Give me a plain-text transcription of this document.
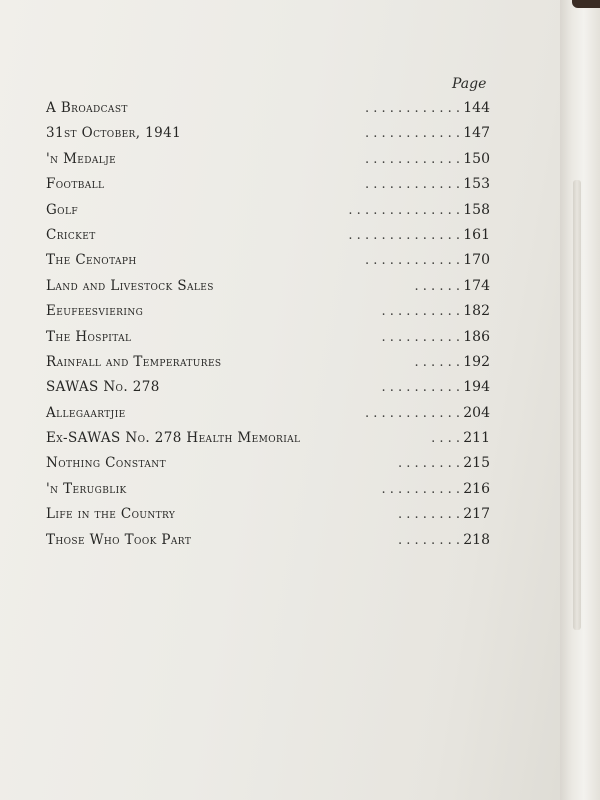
Page
A Broadcast	. . . . . . . . . . . . 144
31st October, 1941	. . . . . . . . . . . . 147
'n Medalje	. . . . . . . . . . . . 150
Football	. . . . . . . . . . . . 153
Golf	. . . . . . . . . . . . . . 158
Cricket	. . . . . . . . . . . . . . 161
The Cenotaph	. . . . . . . . . . . . 170
Land and Livestock Sales	. . . . . . 174
Eeufeesviering	. . . . . . . . . . 182
The Hospital	. . . . . . . . . . 186
Rainfall and Temperatures	. . . . . . 192
SAWAS No. 278	. . . . . . . . . . 194
Allegaartjie	. . . . . . . . . . . . 204
Ex-SAWAS No. 278 Health Memorial	. . . . 211
Nothing Constant	. . . . . . . . 215
'n Terugblik	. . . . . . . . . . 216
Life in the Country	. . . . . . . . 217
Those Who Took Part	. . . . . . . . 218
